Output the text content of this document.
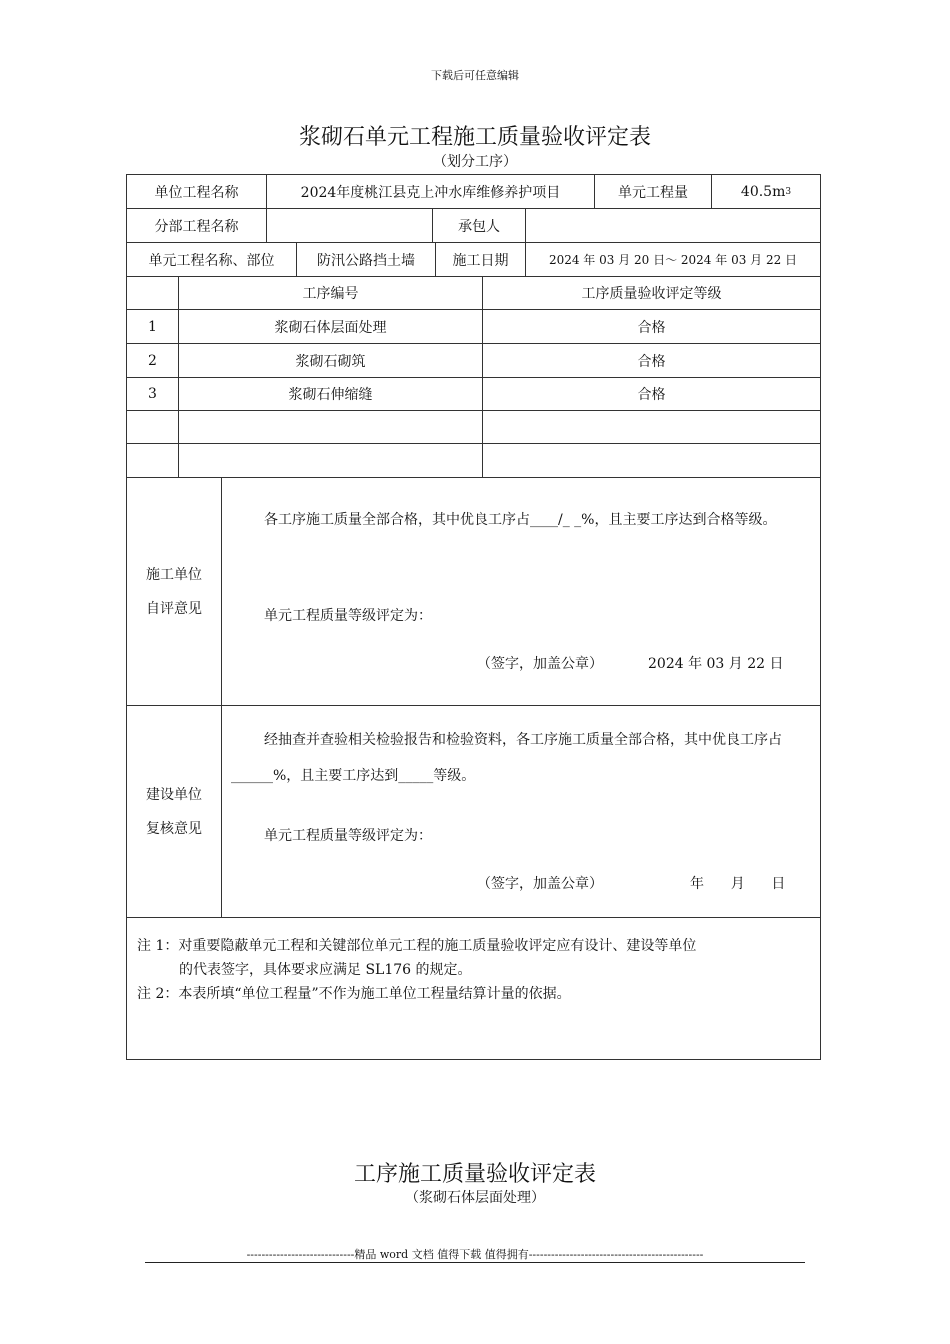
下载后可任意编辑
浆砌石单元工程施工质量验收评定表
（划分工序）
单位工程名称	2024年度桃江县克上冲水库维修养护项目	单元工程量	40.5m 3
分部工程名称	承包人
单元工程名称、部位	防汛公路挡土墙	施工日期	2024 年 03 月 20 日～ 2024 年 03 月 22 日
工序编号	工序质量验收评定等级
1	浆砌石体层面处理	合格
2	浆砌石砌筑	合格
3	浆砌石伸缩缝	合格
施工单位
自评意见
各工序施工质量全部合格，其中优良工序占____/_ _%，且主要工序达到合格等级。
单元工程质量等级评定为：
（签字，加盖公章）	2024 年 03 月 22 日
建设单位
复核意见
经抽查并查验相关检验报告和检验资料，各工序施工质量全部合格，其中优良工序占______%，且主要工序达到_____等级。
单元工程质量等级评定为：
（签字，加盖公章）	年      月      日
注 1：对重要隐蔽单元工程和关键部位单元工程的施工质量验收评定应有设计、建设等单位
的代表签字，具体要求应满足 SL176 的规定。
注 2：本表所填“单位工程量”不作为施工单位工程量结算计量的依据。
工序施工质量验收评定表
（浆砌石体层面处理）
-----------------------------精品 word 文档 值得下载 值得拥有-----------------------------------------------
